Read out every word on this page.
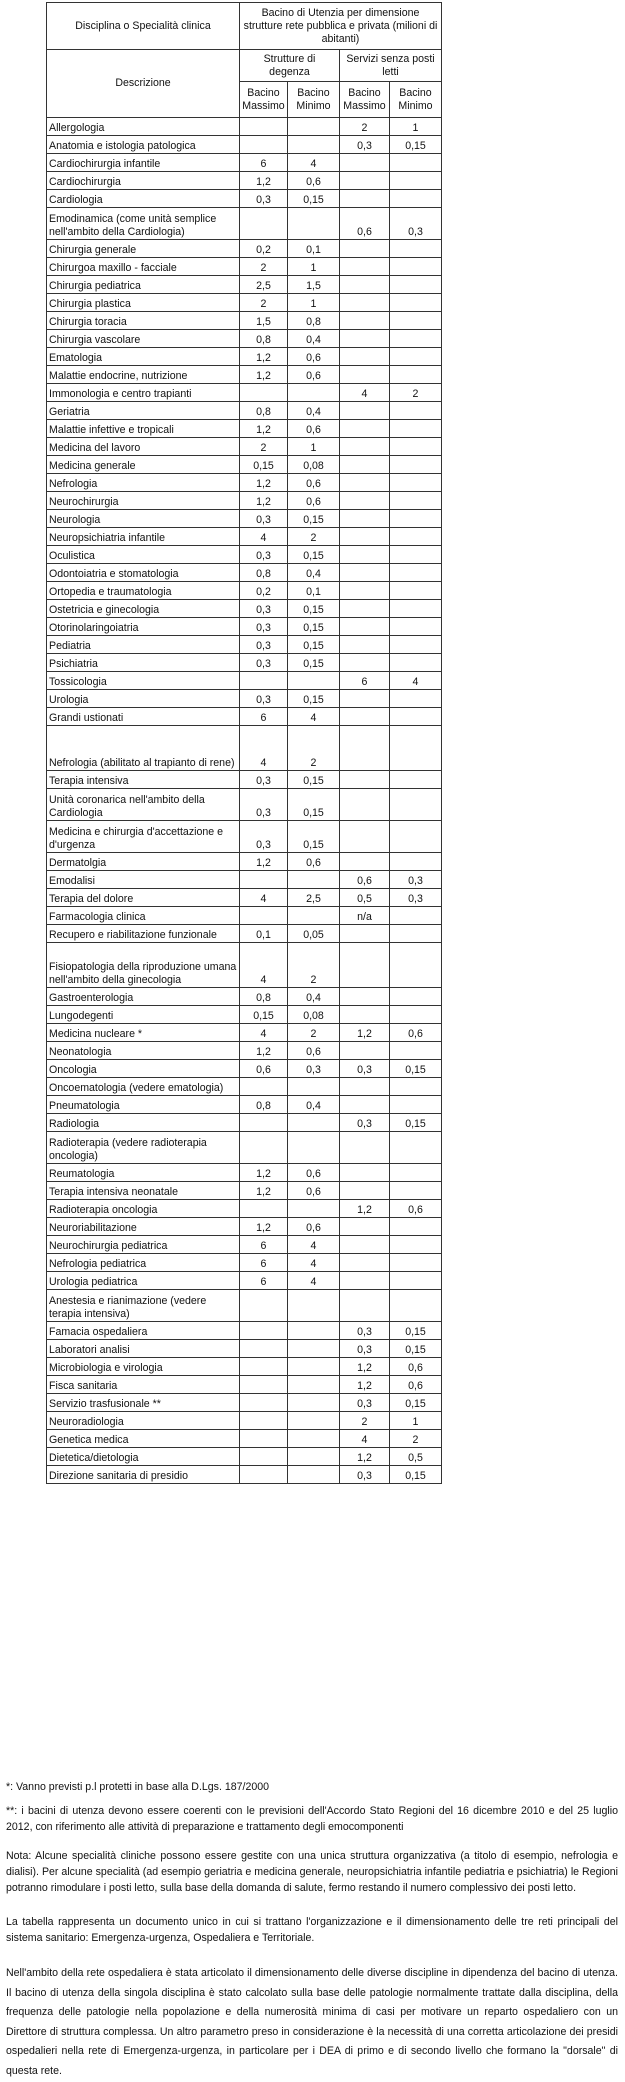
Disciplina o Specialità clinica	Bacino di Utenzia per dimensione strutture rete pubblica e privata (milioni di abitanti)			
Descrizione	Strutture di degenza		Servizi senza posti letti	
	Bacino Massimo	Bacino Minimo	Bacino Massimo	Bacino Minimo
Allergologia			2	1
Anatomia e istologia patologica			0,3	0,15
Cardiochirurgia infantile	6	4		
Cardiochirurgia	1,2	0,6		
Cardiologia	0,3	0,15		
Emodinamica (come unità semplice nell'ambito della Cardiologia)			0,6	0,3
Chirurgia generale	0,2	0,1		
Chirurgoa maxillo - facciale	2	1		
Chirurgia pediatrica	2,5	1,5		
Chirurgia plastica	2	1		
Chirurgia toracia	1,5	0,8		
Chirurgia vascolare	0,8	0,4		
Ematologia	1,2	0,6		
Malattie endocrine, nutrizione	1,2	0,6		
Immonologia e centro trapianti			4	2
Geriatria	0,8	0,4		
Malattie infettive e tropicali	1,2	0,6		
Medicina del lavoro	2	1		
Medicina generale	0,15	0,08		
Nefrologia	1,2	0,6		
Neurochirurgia	1,2	0,6		
Neurologia	0,3	0,15		
Neuropsichiatria infantile	4	2		
Oculistica	0,3	0,15		
Odontoiatria e stomatologia	0,8	0,4		
Ortopedia e traumatologia	0,2	0,1		
Ostetricia e ginecologia	0,3	0,15		
Otorinolaringoiatria	0,3	0,15		
Pediatria	0,3	0,15		
Psichiatria	0,3	0,15		
Tossicologia			6	4
Urologia	0,3	0,15		
Grandi ustionati	6	4		
Nefrologia (abilitato al trapianto di rene)	4	2		
Terapia intensiva	0,3	0,15		
Unità coronarica nell'ambito della Cardiologia	0,3	0,15		
Medicina e chirurgia d'accettazione e d'urgenza	0,3	0,15		
Dermatolgia	1,2	0,6		
Emodalisi			0,6	0,3
Terapia del dolore	4	2,5	0,5	0,3
Farmacologia clinica			n/a	
Recupero e riabilitazione funzionale	0,1	0,05		
Fisiopatologia della riproduzione umana nell'ambito della ginecologia	4	2		
Gastroenterologia	0,8	0,4		
Lungodegenti	0,15	0,08		
Medicina nucleare *	4	2	1,2	0,6
Neonatologia	1,2	0,6		
Oncologia	0,6	0,3	0,3	0,15
Oncoematologia (vedere ematologia)				
Pneumatologia	0,8	0,4		
Radiologia			0,3	0,15
Radioterapia (vedere radioterapia oncologia)				
Reumatologia	1,2	0,6		
Terapia intensiva neonatale	1,2	0,6		
Radioterapia oncologia			1,2	0,6
Neuroriabilitazione	1,2	0,6		
Neurochirurgia pediatrica	6	4		
Nefrologia pediatrica	6	4		
Urologia pediatrica	6	4		
Anestesia e rianimazione (vedere terapia intensiva)				
Famacia ospedaliera			0,3	0,15
Laboratori analisi			0,3	0,15
Microbiologia e virologia			1,2	0,6
Fisca sanitaria			1,2	0,6
Servizio trasfusionale **			0,3	0,15
Neuroradiologia			2	1
Genetica medica			4	2
Dietetica/dietologia			1,2	0,5
Direzione sanitaria di presidio			0,3	0,15

*: Vanno previsti p.l protetti in base alla D.Lgs. 187/2000

**: i bacini di utenza devono essere coerenti con le previsioni dell'Accordo Stato Regioni del 16 dicembre 2010 e del 25 luglio 2012, con riferimento alle attività di preparazione e trattamento degli emocomponenti

Nota: Alcune specialità cliniche possono essere gestite con una unica struttura organizzativa (a titolo di esempio, nefrologia e dialisi). Per alcune specialità (ad esempio geriatria e medicina generale, neuropsichiatria infantile pediatria e psichiatria) le Regioni potranno rimodulare i posti letto, sulla base della domanda di salute, fermo restando il numero complessivo dei posti letto.

La tabella rappresenta un documento unico in cui si trattano l'organizzazione e il dimensionamento delle tre reti principali del sistema sanitario: Emergenza-urgenza, Ospedaliera e Territoriale.

Nell'ambito della rete ospedaliera è stata articolato il dimensionamento delle diverse discipline in dipendenza del bacino di utenza. Il bacino di utenza della singola disciplina è stato calcolato sulla base delle patologie normalmente trattate dalla disciplina, della frequenza delle patologie nella popolazione e della numerosità minima di casi per motivare un reparto ospedaliero con un Direttore di struttura complessa. Un altro parametro preso in considerazione è la necessità di una corretta articolazione dei presidi ospedalieri nella rete di Emergenza-urgenza, in particolare per i DEA di primo e di secondo livello che formano la "dorsale" di questa rete.
